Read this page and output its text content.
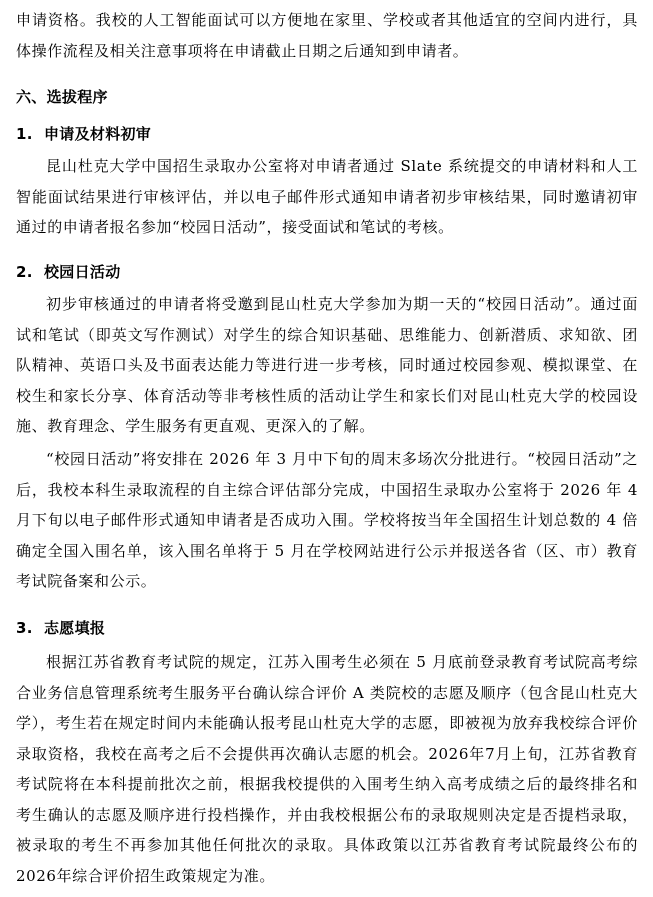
申请资格。我校的人工智能面试可以方便地在家里、学校或者其他适宜的空间内进行，具体操作流程及相关注意事项将在申请截止日期之后通知到申请者。

六、选拔程序
1. 申请及材料初审

昆山杜克大学中国招生录取办公室将对申请者通过 Slate 系统提交的申请材料和人工智能面试结果进行审核评估，并以电子邮件形式通知申请者初步审核结果，同时邀请初审通过的申请者报名参加“校园日活动”，接受面试和笔试的考核。

2. 校园日活动

初步审核通过的申请者将受邀到昆山杜克大学参加为期一天的“校园日活动”。通过面试和笔试（即英文写作测试）对学生的综合知识基础、思维能力、创新潜质、求知欲、团队精神、英语口头及书面表达能力等进行进一步考核，同时通过校园参观、模拟课堂、在校生和家长分享、体育活动等非考核性质的活动让学生和家长们对昆山杜克大学的校园设施、教育理念、学生服务有更直观、更深入的了解。

“校园日活动”将安排在 2026 年 3 月中下旬的周末多场次分批进行。“校园日活动”之后，我校本科生录取流程的自主综合评估部分完成，中国招生录取办公室将于 2026 年 4 月下旬以电子邮件形式通知申请者是否成功入围。学校将按当年全国招生计划总数的 4 倍确定全国入围名单，该入围名单将于 5 月在学校网站进行公示并报送各省（区、市）教育考试院备案和公示。

3. 志愿填报

根据江苏省教育考试院的规定，江苏入围考生必须在 5 月底前登录教育考试院高考综合业务信息管理系统考生服务平台确认综合评价 A 类院校的志愿及顺序（包含昆山杜克大学），考生若在规定时间内未能确认报考昆山杜克大学的志愿，即被视为放弃我校综合评价录取资格，我校在高考之后不会提供再次确认志愿的机会。2026年7月上旬，江苏省教育考试院将在本科提前批次之前，根据我校提供的入围考生纳入高考成绩之后的最终排名和考生确认的志愿及顺序进行投档操作，并由我校根据公布的录取规则决定是否提档录取，被录取的考生不再参加其他任何批次的录取。具体政策以江苏省教育考试院最终公布的2026年综合评价招生政策规定为准。
